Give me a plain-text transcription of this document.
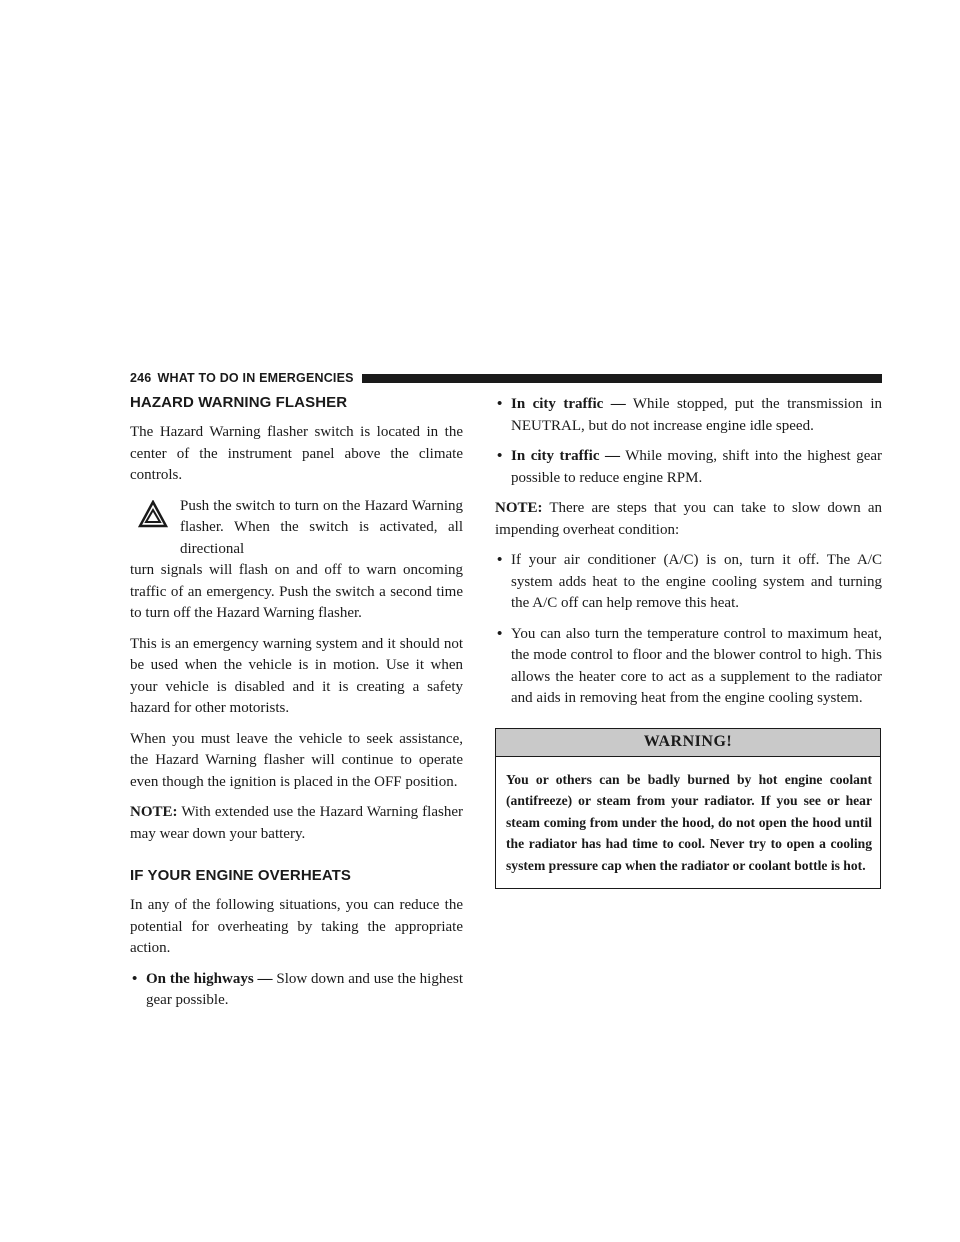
246 WHAT TO DO IN EMERGENCIES
HAZARD WARNING FLASHER

The Hazard Warning flasher switch is located in the center of the instrument panel above the climate controls.

Push the switch to turn on the Hazard Warning flasher. When the switch is activated, all directional
turn signals will flash on and off to warn oncoming traffic of an emergency. Push the switch a second time to turn off the Hazard Warning flasher.

This is an emergency warning system and it should not be used when the vehicle is in motion. Use it when your vehicle is disabled and it is creating a safety hazard for other motorists.

When you must leave the vehicle to seek assistance, the Hazard Warning flasher will continue to operate even though the ignition is placed in the OFF position.

NOTE: With extended use the Hazard Warning flasher may wear down your battery.

IF YOUR ENGINE OVERHEATS

In any of the following situations, you can reduce the potential for overheating by taking the appropriate action.

• On the highways — Slow down and use the highest gear possible.
• In city traffic — While stopped, put the transmission in NEUTRAL, but do not increase engine idle speed.
• In city traffic — While moving, shift into the highest gear possible to reduce engine RPM.

NOTE: There are steps that you can take to slow down an impending overheat condition:

• If your air conditioner (A/C) is on, turn it off. The A/C system adds heat to the engine cooling system and turning the A/C off can help remove this heat.
• You can also turn the temperature control to maximum heat, the mode control to floor and the blower control to high. This allows the heater core to act as a supplement to the radiator and aids in removing heat from the engine cooling system.
WARNING!
You or others can be badly burned by hot engine coolant (antifreeze) or steam from your radiator. If you see or hear steam coming from under the hood, do not open the hood until the radiator has had time to cool. Never try to open a cooling system pressure cap when the radiator or coolant bottle is hot.
